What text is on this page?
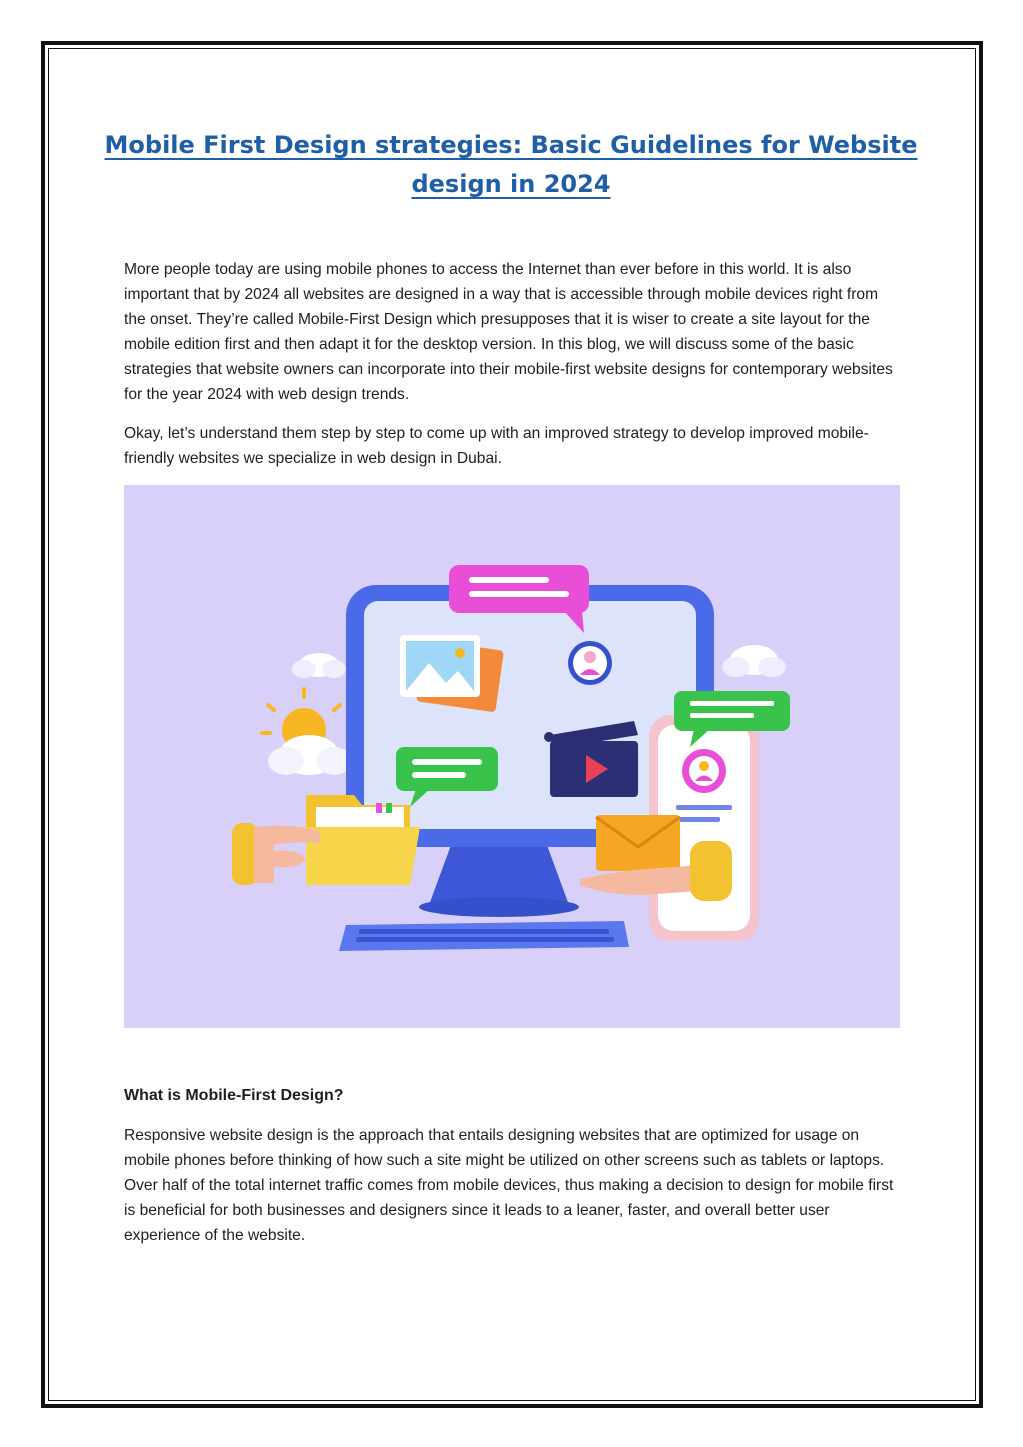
Mobile First Design strategies: Basic Guidelines for Website design in 2024

More people today are using mobile phones to access the Internet than ever before in this world. It is also important that by 2024 all websites are designed in a way that is accessible through mobile devices right from the onset. They’re called Mobile-First Design which presupposes that it is wiser to create a site layout for the mobile edition first and then adapt it for the desktop version. In this blog, we will discuss some of the basic strategies that website owners can incorporate into their mobile-first website designs for contemporary websites for the year 2024 with web design trends.

Okay, let’s understand them step by step to come up with an improved strategy to develop improved mobile-friendly websites we specialize in web design in Dubai.

What is Mobile-First Design?

Responsive website design is the approach that entails designing websites that are optimized for usage on mobile phones before thinking of how such a site might be utilized on other screens such as tablets or laptops. Over half of the total internet traffic comes from mobile devices, thus making a decision to design for mobile first is beneficial for both businesses and designers since it leads to a leaner, faster, and overall better user experience of the website.
